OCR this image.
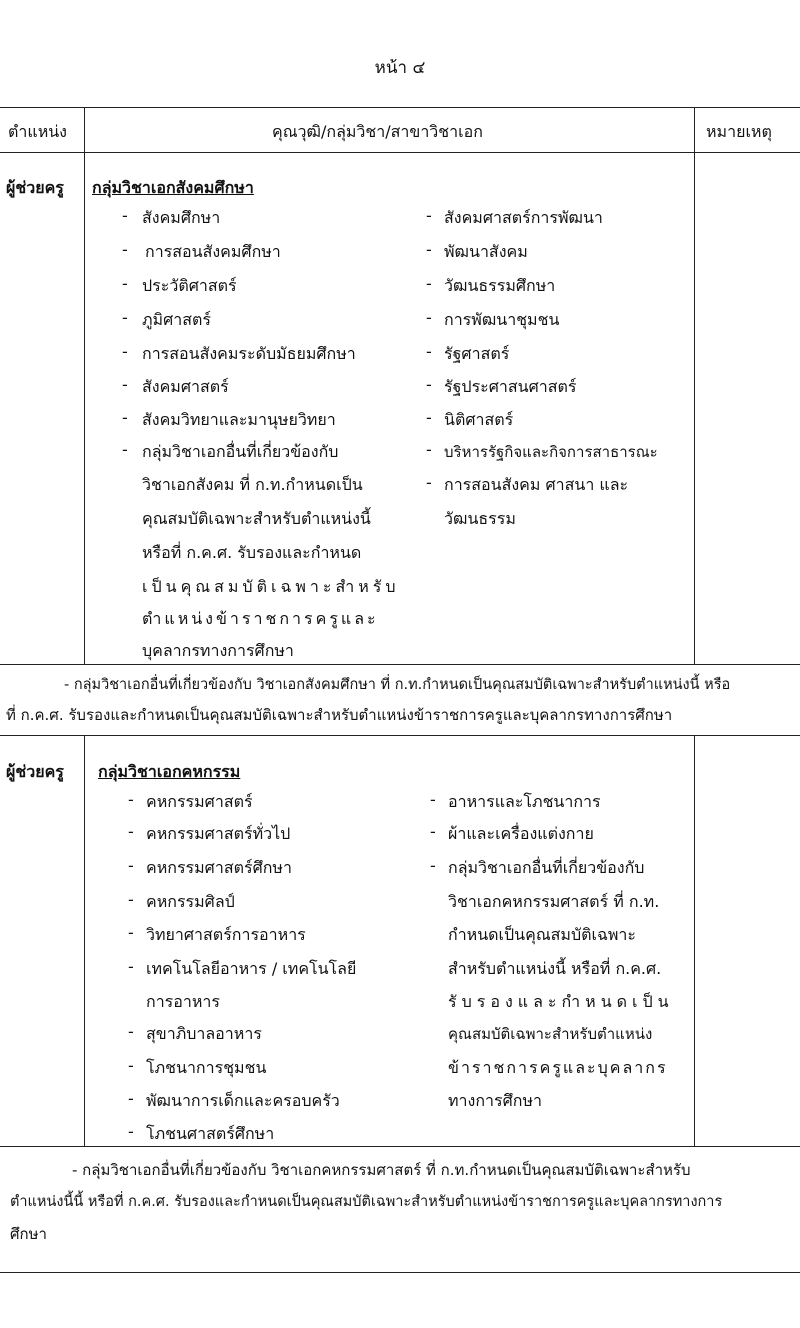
หน้า ๔
ตำแหน่ง	คุณวุฒิ/กลุ่มวิชา/สาขาวิชาเอก	หมายเหตุ
ผู้ช่วยครู กลุ่มวิชาเอกสังคมศึกษา
- สังคมศึกษา
- การสอนสังคมศึกษา
- ประวัติศาสตร์
- ภูมิศาสตร์
- การสอนสังคมระดับมัธยมศึกษา
- สังคมศาสตร์
- สังคมวิทยาและมานุษยวิทยา
- กลุ่มวิชาเอกอื่นที่เกี่ยวข้องกับ
วิชาเอกสังคม ที่ ก.ท.กำหนดเป็น
คุณสมบัติเฉพาะสำหรับตำแหน่งนี้
หรือที่ ก.ค.ศ. รับรองและกำหนด
เป็นคุณสมบัติเฉพาะสำหรับ
ตำแหน่งข้าราชการครูและ
บุคลากรทางการศึกษา
- สังคมศาสตร์การพัฒนา
- พัฒนาสังคม
- วัฒนธรรมศึกษา
- การพัฒนาชุมชน
- รัฐศาสตร์
- รัฐประศาสนศาสตร์
- นิติศาสตร์
- บริหารรัฐกิจและกิจการสาธารณะ
- การสอนสังคม ศาสนา และ
วัฒนธรรม
- กลุ่มวิชาเอกอื่นที่เกี่ยวข้องกับ วิชาเอกสังคมศึกษา ที่ ก.ท.กำหนดเป็นคุณสมบัติเฉพาะสำหรับตำแหน่งนี้ หรือ
ที่ ก.ค.ศ. รับรองและกำหนดเป็นคุณสมบัติเฉพาะสำหรับตำแหน่งข้าราชการครูและบุคลากรทางการศึกษา
ผู้ช่วยครู กลุ่มวิชาเอกคหกรรม
- คหกรรมศาสตร์
- คหกรรมศาสตร์ทั่วไป
- คหกรรมศาสตร์ศึกษา
- คหกรรมศิลป์
- วิทยาศาสตร์การอาหาร
- เทคโนโลยีอาหาร / เทคโนโลยี
การอาหาร
- สุขาภิบาลอาหาร
- โภชนาการชุมชน
- พัฒนาการเด็กและครอบครัว
- โภชนศาสตร์ศึกษา
- อาหารและโภชนาการ
- ผ้าและเครื่องแต่งกาย
- กลุ่มวิชาเอกอื่นที่เกี่ยวข้องกับ
วิชาเอกคหกรรมศาสตร์ ที่ ก.ท.
กำหนดเป็นคุณสมบัติเฉพาะ
สำหรับตำแหน่งนี้ หรือที่ ก.ค.ศ.
รับรองและกำหนดเป็น
คุณสมบัติเฉพาะสำหรับตำแหน่ง
ข้าราชการครูและบุคลากร
ทางการศึกษา
- กลุ่มวิชาเอกอื่นที่เกี่ยวข้องกับ วิชาเอกคหกรรมศาสตร์ ที่ ก.ท.กำหนดเป็นคุณสมบัติเฉพาะสำหรับ
ตำแหน่งนี้นี้ หรือที่ ก.ค.ศ. รับรองและกำหนดเป็นคุณสมบัติเฉพาะสำหรับตำแหน่งข้าราชการครูและบุคลากรทางการ
ศึกษา
